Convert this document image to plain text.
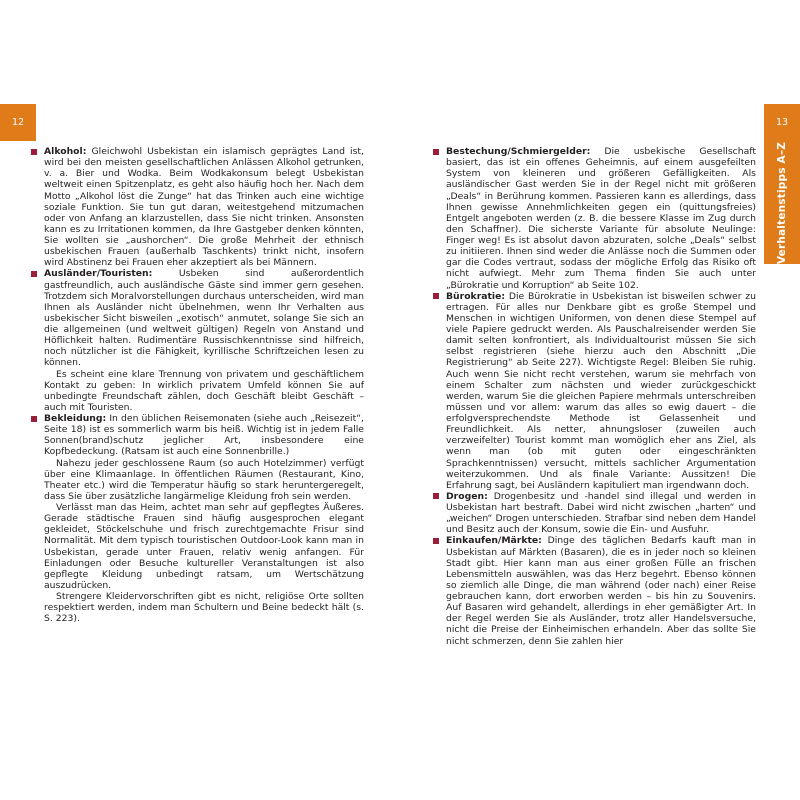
12	13
Verhaltenstipps A–Z

Alkohol: Gleichwohl Usbekistan ein islamisch geprägtes Land ist, wird bei den meisten gesellschaftlichen Anlässen Alkohol getrunken, v. a. Bier und Wodka. Beim Wodkakonsum belegt Usbekistan weltweit einen Spitzenplatz, es geht also häufig hoch her. Nach dem Motto „Alkohol löst die Zunge“ hat das Trinken auch eine wichtige soziale Funktion. Sie tun gut daran, weitestgehend mitzumachen oder von Anfang an klarzustellen, dass Sie nicht trinken. Ansonsten kann es zu Irritationen kommen, da Ihre Gastgeber denken könnten, Sie wollten sie „aushorchen“. Die große Mehrheit der ethnisch usbekischen Frauen (außerhalb Taschkents) trinkt nicht, insofern wird Abstinenz bei Frauen eher akzeptiert als bei Männern.

Ausländer/Touristen: Usbeken sind außerordentlich gastfreundlich, auch ausländische Gäste sind immer gern gesehen. Trotzdem sich Moralvorstellungen durchaus unterscheiden, wird man Ihnen als Ausländer nicht übelnehmen, wenn Ihr Verhalten aus usbekischer Sicht bisweilen „exotisch“ anmutet, solange Sie sich an die allgemeinen (und weltweit gültigen) Regeln von Anstand und Höflichkeit halten. Rudimentäre Russischkenntnisse sind hilfreich, noch nützlicher ist die Fähigkeit, kyrillische Schriftzeichen lesen zu können.

Es scheint eine klare Trennung von privatem und geschäftlichem Kontakt zu geben: In wirklich privatem Umfeld können Sie auf unbedingte Freundschaft zählen, doch Geschäft bleibt Geschäft – auch mit Touristen.

Bekleidung: In den üblichen Reisemonaten (siehe auch „Reisezeit“, Seite 18) ist es sommerlich warm bis heiß. Wichtig ist in jedem Falle Sonnen(brand)schutz jeglicher Art, insbesondere eine Kopfbedeckung. (Ratsam ist auch eine Sonnenbrille.)

Nahezu jeder geschlossene Raum (so auch Hotelzimmer) verfügt über eine Klimaanlage. In öffentlichen Räumen (Restaurant, Kino, Theater etc.) wird die Temperatur häufig so stark heruntergeregelt, dass Sie über zusätzliche langärmelige Kleidung froh sein werden.

Verlässt man das Heim, achtet man sehr auf gepflegtes Äußeres. Gerade städtische Frauen sind häufig ausgesprochen elegant gekleidet, Stöckelschuhe und frisch zurechtgemachte Frisur sind Normalität. Mit dem typisch touristischen Outdoor-Look kann man in Usbekistan, gerade unter Frauen, relativ wenig anfangen. Für Einladungen oder Besuche kultureller Veranstaltungen ist also gepflegte Kleidung unbedingt ratsam, um Wertschätzung auszudrücken.

Strengere Kleidervorschriften gibt es nicht, religiöse Orte sollten respektiert werden, indem man Schultern und Beine bedeckt hält (s. S. 223).

Bestechung/Schmiergelder: Die usbekische Gesellschaft basiert, das ist ein offenes Geheimnis, auf einem ausgefeilten System von kleineren und größeren Gefälligkeiten. Als ausländischer Gast werden Sie in der Regel nicht mit größeren „Deals“ in Berührung kommen. Passieren kann es allerdings, dass Ihnen gewisse Annehmlichkeiten gegen ein (quittungsfreies) Entgelt angeboten werden (z. B. die bessere Klasse im Zug durch den Schaffner). Die sicherste Variante für absolute Neulinge: Finger weg! Es ist absolut davon abzuraten, solche „Deals“ selbst zu initiieren. Ihnen sind weder die Anlässe noch die Summen oder gar die Codes vertraut, sodass der mögliche Erfolg das Risiko oft nicht aufwiegt. Mehr zum Thema finden Sie auch unter „Bürokratie und Korruption“ ab Seite 102.

Bürokratie: Die Bürokratie in Usbekistan ist bisweilen schwer zu ertragen. Für alles nur Denkbare gibt es große Stempel und Menschen in wichtigen Uniformen, von denen diese Stempel auf viele Papiere gedruckt werden. Als Pauschalreisender werden Sie damit selten konfrontiert, als Individualtourist müssen Sie sich selbst registrieren (siehe hierzu auch den Abschnitt „Die Registrierung“ ab Seite 227). Wichtigste Regel: Bleiben Sie ruhig. Auch wenn Sie nicht recht verstehen, warum sie mehrfach von einem Schalter zum nächsten und wieder zurückgeschickt werden, warum Sie die gleichen Papiere mehrmals unterschreiben müssen und vor allem: warum das alles so ewig dauert – die erfolgversprechendste Methode ist Gelassenheit und Freundlichkeit. Als netter, ahnungsloser (zuweilen auch verzweifelter) Tourist kommt man womöglich eher ans Ziel, als wenn man (ob mit guten oder eingeschränkten Sprachkenntnissen) versucht, mittels sachlicher Argumentation weiterzukommen. Und als finale Variante: Aussitzen! Die Erfahrung sagt, bei Ausländern kapituliert man irgendwann doch.

Drogen: Drogenbesitz und -handel sind illegal und werden in Usbekistan hart bestraft. Dabei wird nicht zwischen „harten“ und „weichen“ Drogen unterschieden. Strafbar sind neben dem Handel und Besitz auch der Konsum, sowie die Ein- und Ausfuhr.

Einkaufen/Märkte: Dinge des täglichen Bedarfs kauft man in Usbekistan auf Märkten (Basaren), die es in jeder noch so kleinen Stadt gibt. Hier kann man aus einer großen Fülle an frischen Lebensmitteln auswählen, was das Herz begehrt. Ebenso können so ziemlich alle Dinge, die man während (oder nach) einer Reise gebrauchen kann, dort erworben werden – bis hin zu Souvenirs. Auf Basaren wird gehandelt, allerdings in eher gemäßigter Art. In der Regel werden Sie als Ausländer, trotz aller Handelsversuche, nicht die Preise der Einheimischen erhandeln. Aber das sollte Sie nicht schmerzen, denn Sie zahlen hier
